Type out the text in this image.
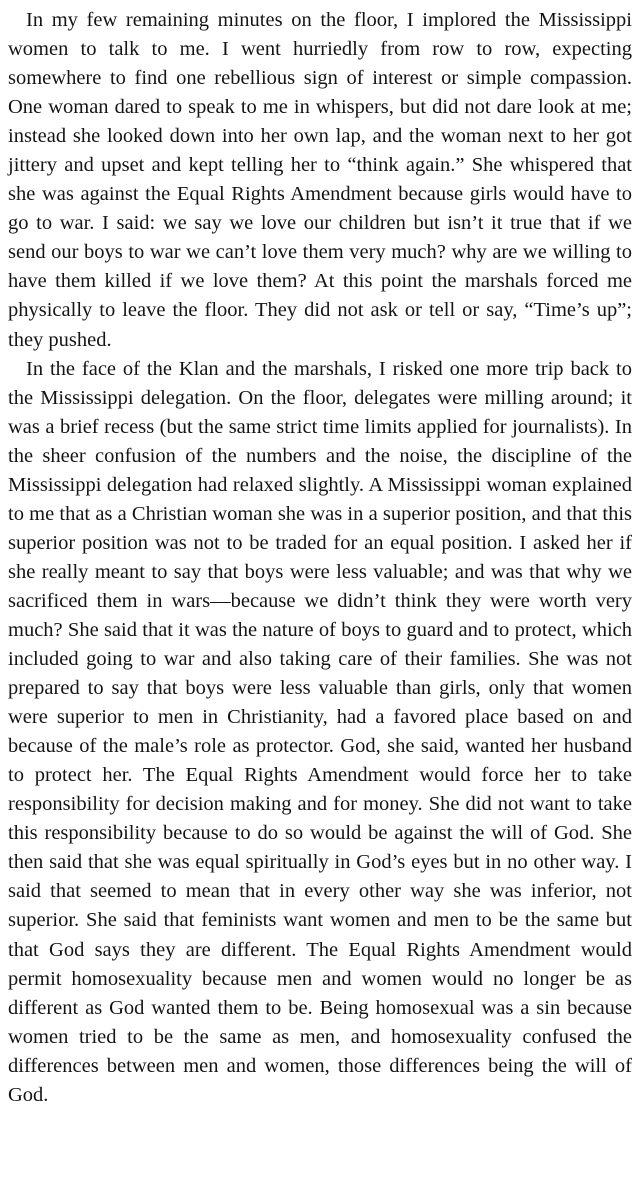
In my few remaining minutes on the floor, I implored the Mississippi women to talk to me. I went hurriedly from row to row, expecting somewhere to find one rebellious sign of interest or simple compassion. One woman dared to speak to me in whispers, but did not dare look at me; instead she looked down into her own lap, and the woman next to her got jittery and upset and kept telling her to “think again.” She whispered that she was against the Equal Rights Amendment because girls would have to go to war. I said: we say we love our children but isn’t it true that if we send our boys to war we can’t love them very much? why are we willing to have them killed if we love them? At this point the marshals forced me physically to leave the floor. They did not ask or tell or say, “Time’s up”; they pushed.

In the face of the Klan and the marshals, I risked one more trip back to the Mississippi delegation. On the floor, delegates were milling around; it was a brief recess (but the same strict time limits applied for journalists). In the sheer confusion of the numbers and the noise, the discipline of the Mississippi delegation had relaxed slightly. A Mississippi woman explained to me that as a Christian woman she was in a superior position, and that this superior position was not to be traded for an equal position. I asked her if she really meant to say that boys were less valuable; and was that why we sacrificed them in wars—because we didn’t think they were worth very much? She said that it was the nature of boys to guard and to protect, which included going to war and also taking care of their families. She was not prepared to say that boys were less valuable than girls, only that women were superior to men in Christianity, had a favored place based on and because of the male’s role as protector. God, she said, wanted her husband to protect her. The Equal Rights Amendment would force her to take responsibility for decision making and for money. She did not want to take this responsibility because to do so would be against the will of God. She then said that she was equal spiritually in God’s eyes but in no other way. I said that seemed to mean that in every other way she was inferior, not superior. She said that feminists want women and men to be the same but that God says they are different. The Equal Rights Amendment would permit homosexuality because men and women would no longer be as different as God wanted them to be. Being homosexual was a sin because women tried to be the same as men, and homosexuality confused the differences between men and women, those differences being the will of God.
